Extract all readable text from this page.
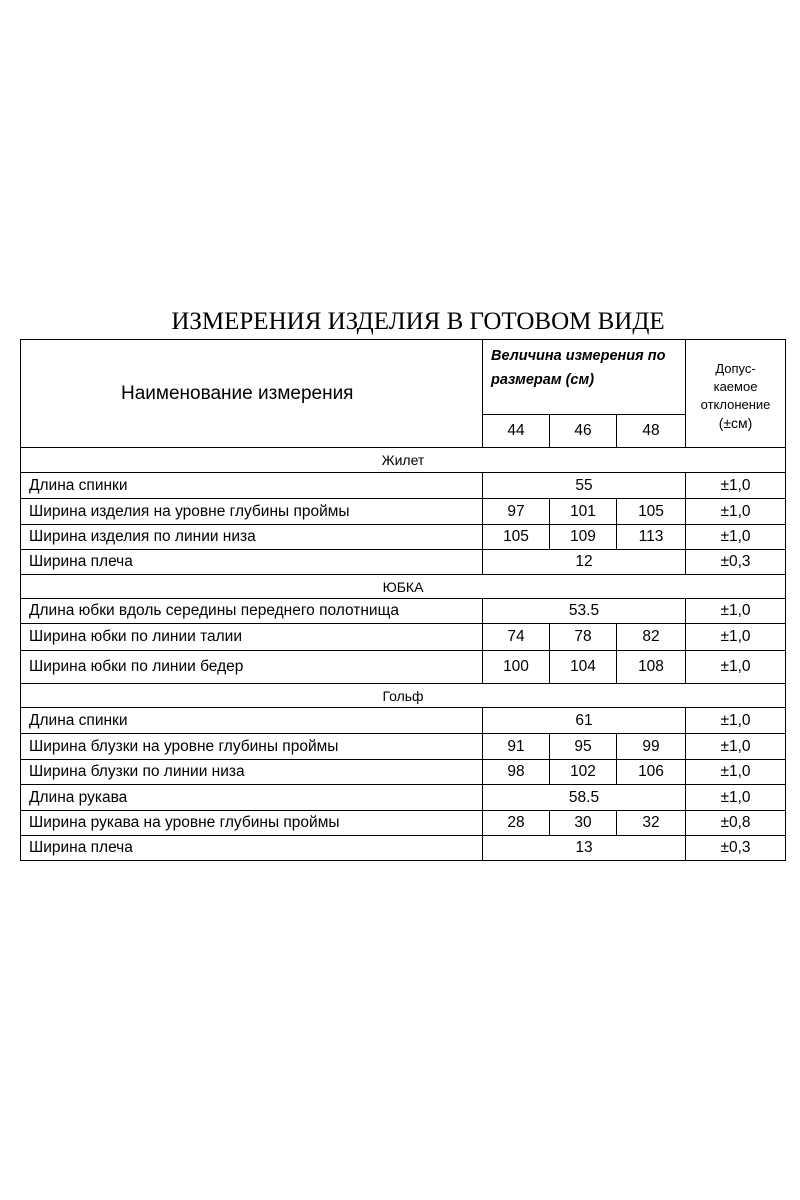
ИЗМЕРЕНИЯ ИЗДЕЛИЯ В ГОТОВОМ ВИДЕ
Наименование измерения	Величина измерения по размерам (см)			Допус-
каемое
отклонение
(±см)
	44	46	48	
Жилет				
Длина спинки	55			±1,0
Ширина изделия на уровне глубины проймы	97	101	105	±1,0
Ширина изделия по линии низа	105	109	113	±1,0
Ширина плеча	12			±0,3
ЮБКА				
Длина юбки вдоль середины переднего полотнища	53.5			±1,0
Ширина юбки по линии талии	74	78	82	±1,0
Ширина юбки по линии бедер	100	104	108	±1,0
Гольф				
Длина спинки	61			±1,0
Ширина блузки на уровне глубины проймы	91	95	99	±1,0
Ширина блузки по линии низа	98	102	106	±1,0
Длина рукава	58.5			±1,0
Ширина рукава на уровне глубины проймы	28	30	32	±0,8
Ширина плеча	13			±0,3
